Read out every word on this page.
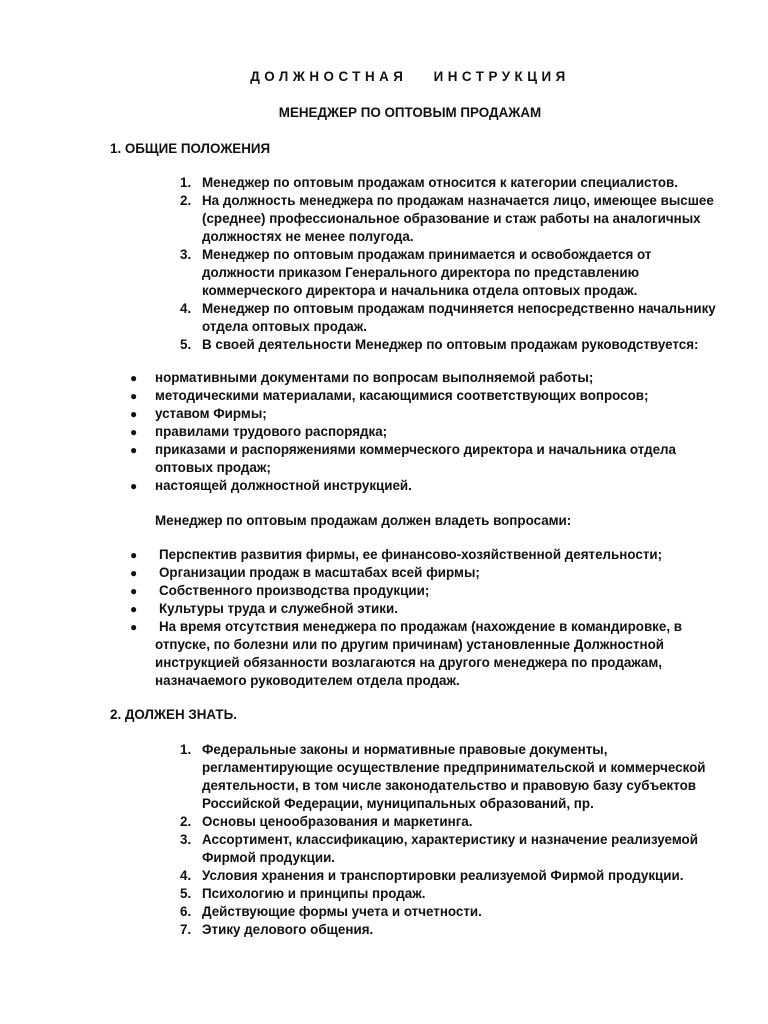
ДОЛЖНОСТНАЯ ИНСТРУКЦИЯ
МЕНЕДЖЕР ПО ОПТОВЫМ ПРОДАЖАМ
1. ОБЩИЕ ПОЛОЖЕНИЯ
1. Менеджер по оптовым продажам относится к категории специалистов.
2. На должность менеджера по продажам назначается лицо, имеющее высшее (среднее) профессиональное образование и стаж работы на аналогичных должностях не менее полугода.
3. Менеджер по оптовым продажам принимается и освобождается от должности приказом Генерального директора по представлению коммерческого директора и начальника отдела оптовых продаж.
4. Менеджер по оптовым продажам подчиняется непосредственно начальнику отдела оптовых продаж.
5. В своей деятельности Менеджер по оптовым продажам руководствуется:
● нормативными документами по вопросам выполняемой работы;
● методическими материалами, касающимися соответствующих вопросов;
● уставом Фирмы;
● правилами трудового распорядка;
● приказами и распоряжениями коммерческого директора и начальника отдела оптовых продаж;
● настоящей должностной инструкцией.
Менеджер по оптовым продажам должен владеть вопросами:
● Перспектив развития фирмы, ее финансово-хозяйственной деятельности;
● Организации продаж в масштабах всей фирмы;
● Собственного производства продукции;
● Культуры труда и служебной этики.
● На время отсутствия менеджера по продажам (нахождение в командировке, в отпуске, по болезни или по другим причинам) установленные Должностной инструкцией обязанности возлагаются на другого менеджера по продажам, назначаемого руководителем отдела продаж.
2. ДОЛЖЕН ЗНАТЬ.
1. Федеральные законы и нормативные правовые документы, регламентирующие осуществление предпринимательской и коммерческой деятельности, в том числе законодательство и правовую базу субъектов Российской Федерации, муниципальных образований, пр.
2. Основы ценообразования и маркетинга.
3. Ассортимент, классификацию, характеристику и назначение реализуемой Фирмой продукции.
4. Условия хранения и транспортировки реализуемой Фирмой продукции.
5. Психологию и принципы продаж.
6. Действующие формы учета и отчетности.
7. Этику делового общения.
